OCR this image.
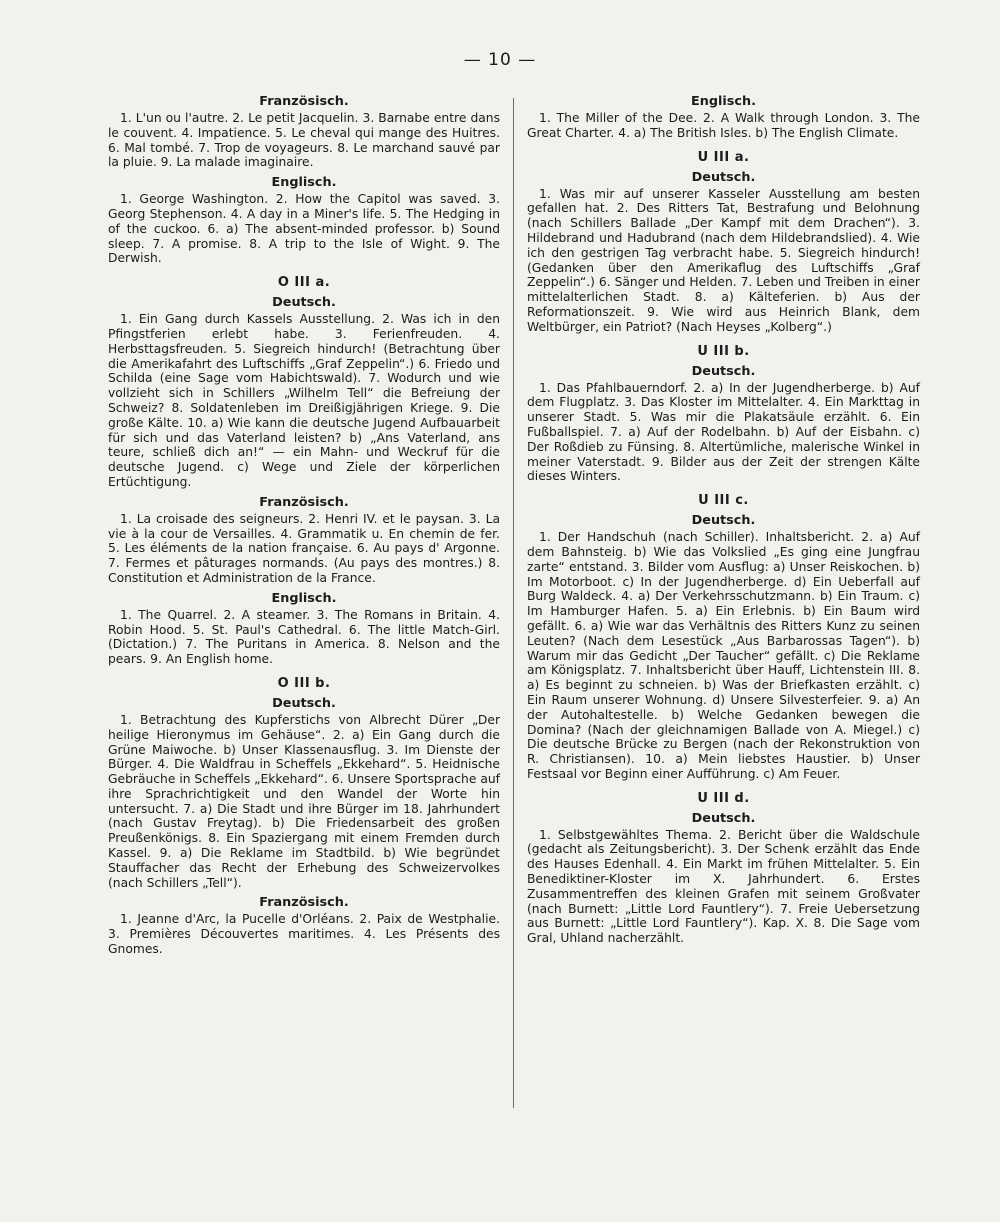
— 10 —
Französisch.

1. L'un ou l'autre. 2. Le petit Jacquelin. 3. Barnabe entre dans le couvent. 4. Impatience. 5. Le cheval qui mange des Huitres. 6. Mal tombé. 7. Trop de voyageurs. 8. Le marchand sauvé par la pluie. 9. La malade imaginaire.

Englisch.

1. George Washington. 2. How the Capitol was saved. 3. Georg Stephenson. 4. A day in a Miner's life. 5. The Hedging in of the cuckoo. 6. a) The absent-minded professor. b) Sound sleep. 7. A promise. 8. A trip to the Isle of Wight. 9. The Derwish.

O III a.
Deutsch.

1. Ein Gang durch Kassels Ausstellung. 2. Was ich in den Pfingstferien erlebt habe. 3. Ferienfreuden. 4. Herbsttagsfreuden. 5. Siegreich hindurch! (Betrachtung über die Amerikafahrt des Luftschiffs „Graf Zeppelin“.) 6. Friedo und Schilda (eine Sage vom Habichtswald). 7. Wodurch und wie vollzieht sich in Schillers „Wilhelm Tell“ die Befreiung der Schweiz? 8. Soldatenleben im Dreißigjährigen Kriege. 9. Die große Kälte. 10. a) Wie kann die deutsche Jugend Aufbauarbeit für sich und das Vaterland leisten? b) „Ans Vaterland, ans teure, schließ dich an!“ — ein Mahn- und Weckruf für die deutsche Jugend. c) Wege und Ziele der körperlichen Ertüchtigung.

Französisch.

1. La croisade des seigneurs. 2. Henri IV. et le paysan. 3. La vie à la cour de Versailles. 4. Grammatik u. En chemin de fer. 5. Les éléments de la nation française. 6. Au pays d' Argonne. 7. Fermes et pâturages normands. (Au pays des montres.) 8. Constitution et Administration de la France.

Englisch.

1. The Quarrel. 2. A steamer. 3. The Romans in Britain. 4. Robin Hood. 5. St. Paul's Cathedral. 6. The little Match-Girl. (Dictation.) 7. The Puritans in America. 8. Nelson and the pears. 9. An English home.

O III b.
Deutsch.

1. Betrachtung des Kupferstichs von Albrecht Dürer „Der heilige Hieronymus im Gehäuse“. 2. a) Ein Gang durch die Grüne Maiwoche. b) Unser Klassenausflug. 3. Im Dienste der Bürger. 4. Die Waldfrau in Scheffels „Ekkehard“. 5. Heidnische Gebräuche in Scheffels „Ekkehard“. 6. Unsere Sportsprache auf ihre Sprachrichtigkeit und den Wandel der Worte hin untersucht. 7. a) Die Stadt und ihre Bürger im 18. Jahrhundert (nach Gustav Freytag). b) Die Friedensarbeit des großen Preußenkönigs. 8. Ein Spaziergang mit einem Fremden durch Kassel. 9. a) Die Reklame im Stadtbild. b) Wie begründet Stauffacher das Recht der Erhebung des Schweizervolkes (nach Schillers „Tell“).

Französisch.

1. Jeanne d'Arc, la Pucelle d'Orléans. 2. Paix de Westphalie. 3. Premières Découvertes maritimes. 4. Les Présents des Gnomes.

Englisch.

1. The Miller of the Dee. 2. A Walk through London. 3. The Great Charter. 4. a) The British Isles. b) The English Climate.

U III a.
Deutsch.

1. Was mir auf unserer Kasseler Ausstellung am besten gefallen hat. 2. Des Ritters Tat, Bestrafung und Belohnung (nach Schillers Ballade „Der Kampf mit dem Drachen“). 3. Hildebrand und Hadubrand (nach dem Hildebrandslied). 4. Wie ich den gestrigen Tag verbracht habe. 5. Siegreich hindurch! (Gedanken über den Amerikaflug des Luftschiffs „Graf Zeppelin“.) 6. Sänger und Helden. 7. Leben und Treiben in einer mittelalterlichen Stadt. 8. a) Kälteferien. b) Aus der Reformationszeit. 9. Wie wird aus Heinrich Blank, dem Weltbürger, ein Patriot? (Nach Heyses „Kolberg“.)

U III b.
Deutsch.

1. Das Pfahlbauerndorf. 2. a) In der Jugendherberge. b) Auf dem Flugplatz. 3. Das Kloster im Mittelalter. 4. Ein Markttag in unserer Stadt. 5. Was mir die Plakatsäule erzählt. 6. Ein Fußballspiel. 7. a) Auf der Rodelbahn. b) Auf der Eisbahn. c) Der Roßdieb zu Fünsing. 8. Altertümliche, malerische Winkel in meiner Vaterstadt. 9. Bilder aus der Zeit der strengen Kälte dieses Winters.

U III c.
Deutsch.

1. Der Handschuh (nach Schiller). Inhaltsbericht. 2. a) Auf dem Bahnsteig. b) Wie das Volkslied „Es ging eine Jungfrau zarte“ entstand. 3. Bilder vom Ausflug: a) Unser Reiskochen. b) Im Motorboot. c) In der Jugendherberge. d) Ein Ueberfall auf Burg Waldeck. 4. a) Der Verkehrsschutzmann. b) Ein Traum. c) Im Hamburger Hafen. 5. a) Ein Erlebnis. b) Ein Baum wird gefällt. 6. a) Wie war das Verhältnis des Ritters Kunz zu seinen Leuten? (Nach dem Lesestück „Aus Barbarossas Tagen“). b) Warum mir das Gedicht „Der Taucher“ gefällt. c) Die Reklame am Königsplatz. 7. Inhaltsbericht über Hauff, Lichtenstein III. 8. a) Es beginnt zu schneien. b) Was der Briefkasten erzählt. c) Ein Raum unserer Wohnung. d) Unsere Silvesterfeier. 9. a) An der Autohaltestelle. b) Welche Gedanken bewegen die Domina? (Nach der gleichnamigen Ballade von A. Miegel.) c) Die deutsche Brücke zu Bergen (nach der Rekonstruktion von R. Christiansen). 10. a) Mein liebstes Haustier. b) Unser Festsaal vor Beginn einer Aufführung. c) Am Feuer.

U III d.
Deutsch.

1. Selbstgewähltes Thema. 2. Bericht über die Waldschule (gedacht als Zeitungsbericht). 3. Der Schenk erzählt das Ende des Hauses Edenhall. 4. Ein Markt im frühen Mittelalter. 5. Ein Benediktiner-Kloster im X. Jahrhundert. 6. Erstes Zusammentreffen des kleinen Grafen mit seinem Großvater (nach Burnett: „Little Lord Fauntlery“). 7. Freie Uebersetzung aus Burnett: „Little Lord Fauntlery“). Kap. X. 8. Die Sage vom Gral, Uhland nacherzählt.
